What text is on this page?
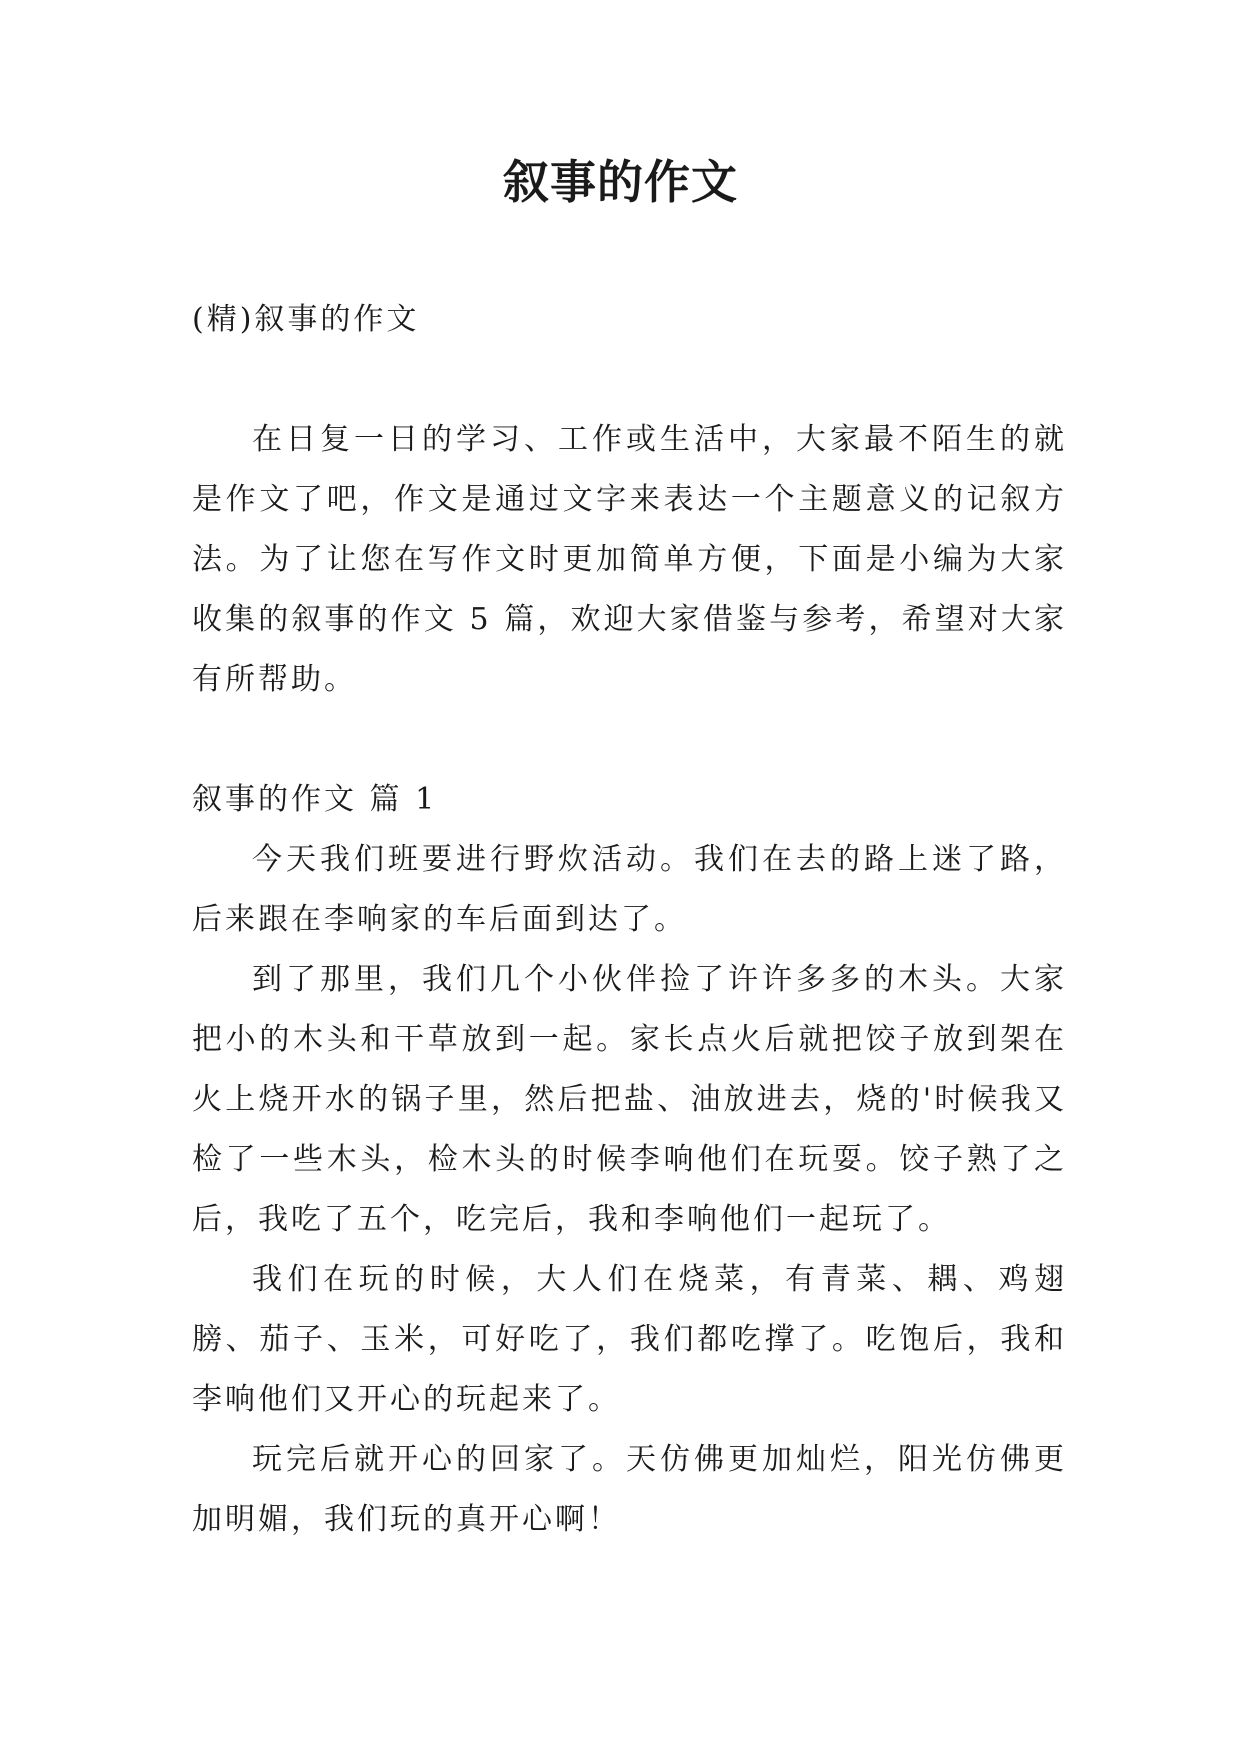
叙事的作文

(精)叙事的作文

在日复一日的学习、工作或生活中，大家最不陌生的就是作文了吧，作文是通过文字来表达一个主题意义的记叙方法。为了让您在写作文时更加简单方便，下面是小编为大家收集的叙事的作文 5 篇，欢迎大家借鉴与参考，希望对大家有所帮助。

叙事的作文 篇 1

今天我们班要进行野炊活动。我们在去的路上迷了路，后来跟在李响家的车后面到达了。

到了那里，我们几个小伙伴捡了许许多多的木头。大家把小的木头和干草放到一起。家长点火后就把饺子放到架在火上烧开水的锅子里，然后把盐、油放进去，烧的'时候我又检了一些木头，检木头的时候李响他们在玩耍。饺子熟了之后，我吃了五个，吃完后，我和李响他们一起玩了。

我们在玩的时候，大人们在烧菜，有青菜、耦、鸡翅膀、茄子、玉米，可好吃了，我们都吃撑了。吃饱后，我和李响他们又开心的玩起来了。

玩完后就开心的回家了。天仿佛更加灿烂，阳光仿佛更加明媚，我们玩的真开心啊！
